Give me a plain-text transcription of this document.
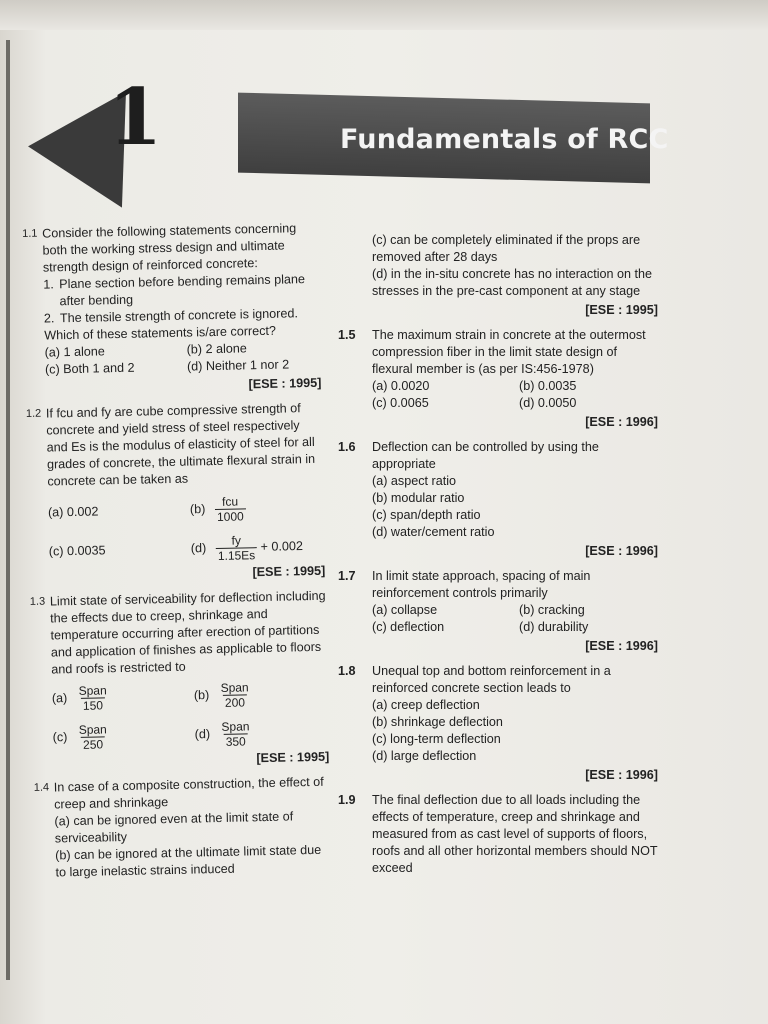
1	Fundamentals of RCC
1.1 Consider the following statements concerning both the working stress design and ultimate strength design of reinforced concrete:
1. Plane section before bending remains plane after bending
2. The tensile strength of concrete is ignored.
Which of these statements is/are correct?
(a) 1 alone	(b) 2 alone
(c) Both 1 and 2	(d) Neither 1 nor 2
[ESE : 1995]
1.2 If fcu and fy are cube compressive strength of concrete and yield stress of steel respectively and Es is the modulus of elasticity of steel for all grades of concrete, the ultimate flexural strain in concrete can be taken as
(a) 0.002	$(b) \frac{\text{fcu}}{1000}$
(c) 0.0035	$(d) \frac{fy}{1.15Es} + 0.002$
[ESE : 1995]
1.3 Limit state of serviceability for deflection including the effects due to creep, shrinkage and temperature occurring after erection of partitions and application of finishes as applicable to floors and roofs is restricted to
$(a) \frac{\text{Span}}{150}$	$(b) \frac{\text{Span}}{200}$
$(c) \frac{\text{Span}}{250}$	$(d) \frac{\text{Span}}{350}$
[ESE : 1995]
1.4 In case of a composite construction, the effect of creep and shrinkage
(a) can be ignored even at the limit state of serviceability
(b) can be ignored at the ultimate limit state due to large inelastic strains induced
(c) can be completely eliminated if the props are removed after 28 days
(d) in the in-situ concrete has no interaction on the stresses in the pre-cast component at any stage
[ESE : 1995]
1.5 The maximum strain in concrete at the outermost compression fiber in the limit state design of flexural member is (as per IS:456-1978)
(a) 0.0020	(b) 0.0035
(c) 0.0065	(d) 0.0050
[ESE : 1996]
1.6 Deflection can be controlled by using the appropriate
(a) aspect ratio
(b) modular ratio
(c) span/depth ratio
(d) water/cement ratio
[ESE : 1996]
1.7 In limit state approach, spacing of main reinforcement controls primarily
(a) collapse	(b) cracking
(c) deflection	(d) durability
[ESE : 1996]
1.8 Unequal top and bottom reinforcement in a reinforced concrete section leads to
(a) creep deflection
(b) shrinkage deflection
(c) long-term deflection
(d) large deflection
[ESE : 1996]
1.9 The final deflection due to all loads including the effects of temperature, creep and shrinkage and measured from as cast level of supports of floors, roofs and all other horizontal members should NOT exceed
